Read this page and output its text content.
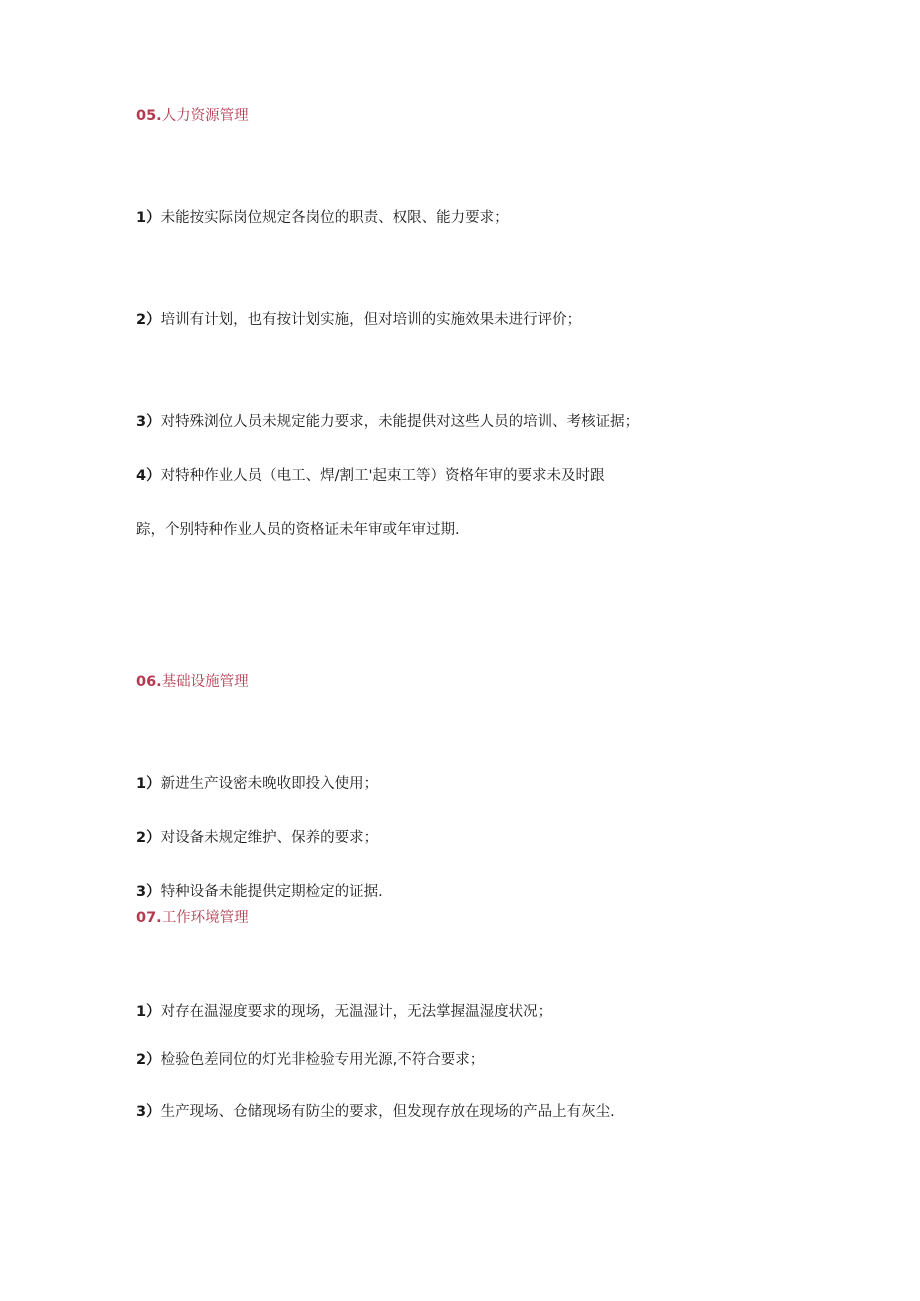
05.人力资源管理
1）未能按实际岗位规定各岗位的职责、权限、能力要求；
2）培训有计划，也有按计划实施，但对培训的实施效果未进行评价；
3）对特殊浏位人员未规定能力要求，未能提供对这些人员的培训、考核证据；
4）对特种作业人员（电工、焊/割工'起束工等）资格年审的要求未及时跟
踪，个别特种作业人员的资格证未年审或年审过期.
06.基础设施管理
1）新进生产设密未晚收即投入使用；
2）对设备未规定维护、保养的要求；
3）特种设备未能提供定期检定的证据.
07.工作环境管理
1）对存在温湿度要求的现场，无温湿计，无法掌握温湿度状况；
2）检验色差同位的灯光非检验专用光源,不符合要求；
3）生产现场、仓储现场有防尘的要求，但发现存放在现场的产品上有灰尘.
